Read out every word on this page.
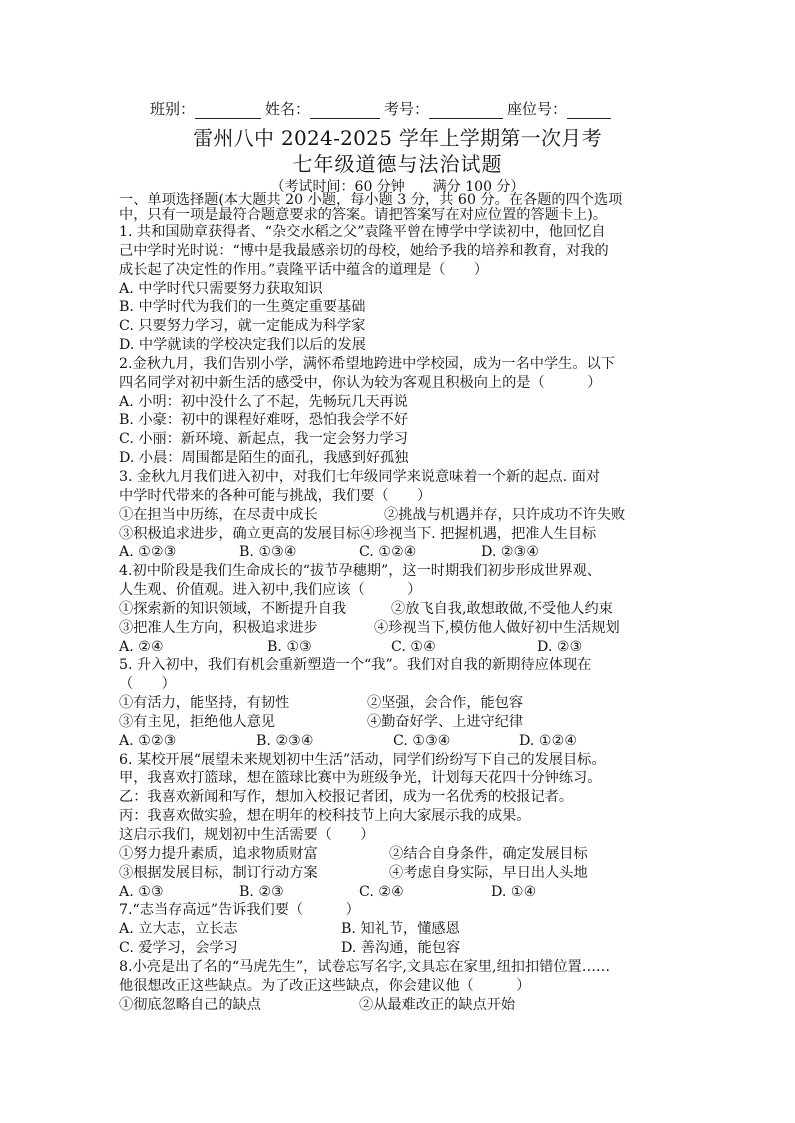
班别：	姓名：	考号：	座位号：
雷州八中 2024-2025 学年上学期第一次月考
七年级道德与法治试题
（考试时间：60 分钟　　满分 100 分）
一、单项选择题(本大题共 20 小题，每小题 3 分，共 60 分。在各题的四个选项
中，只有一项是最符合题意要求的答案。请把答案写在对应位置的答题卡上)。
1. 共和国勋章获得者、“杂交水稻之父”袁隆平曾在博学中学读初中，他回忆自
己中学时光时说：“博中是我最感亲切的母校，她给予我的培养和教育，对我的
成长起了决定性的作用。”袁隆平话中蕴含的道理是（　　）
A. 中学时代只需要努力获取知识
B. 中学时代为我们的一生奠定重要基础
C. 只要努力学习，就一定能成为科学家
D. 中学就读的学校决定我们以后的发展
2.金秋九月，我们告别小学，满怀希望地跨进中学校园，成为一名中学生。以下
四名同学对初中新生活的感受中，你认为较为客观且积极向上的是（　　　）
A. 小明：初中没什么了不起，先畅玩几天再说
B. 小豪：初中的课程好难呀，恐怕我会学不好
C. 小丽：新环境、新起点，我一定会努力学习
D. 小晨：周围都是陌生的面孔，我感到好孤独
3. 金秋九月我们进入初中，对我们七年级同学来说意味着一个新的起点. 面对
中学时代带来的各种可能与挑战，我们要（　　）
①在担当中历练，在尽责中成长	②挑战与机遇并存，只许成功不许失败
③积极追求进步，确立更高的发展目标④珍视当下. 把握机遇，把准人生目标
A. ①②③	B. ①③④	C. ①②④	D. ②③④
4.初中阶段是我们生命成长的“拔节孕穗期”，这一时期我们初步形成世界观、
人生观、价值观。进入初中,我们应该（　　　）
①探索新的知识领域，不断提升自我	②放飞自我,敢想敢做,不受他人约束
③把准人生方向，积极追求进步	④珍视当下,模仿他人做好初中生活规划
A. ②④	B. ①③	C. ①④	D. ②③
5. 升入初中，我们有机会重新塑造一个“我”。我们对自我的新期待应体现在
（　　）
①有活力，能坚持，有韧性	②坚强，会合作，能包容
③有主见，拒绝他人意见	④勤奋好学、上进守纪律
A. ①②③	B. ②③④	C. ①③④	D. ①②④
6. 某校开展“展望未来规划初中生活”活动，同学们纷纷写下自己的发展目标。
甲，我喜欢打篮球，想在篮球比赛中为班级争光，计划每天花四十分钟练习。
乙：我喜欢新闻和写作，想加入校报记者团，成为一名优秀的校报记者。
丙：我喜欢做实验，想在明年的校科技节上向大家展示我的成果。
这启示我们，规划初中生活需要（　　）
①努力提升素质，追求物质财富	②结合自身条件，确定发展目标
③根据发展目标，制订行动方案	④考虑自身实际，早日出人头地
A. ①③	B. ②③	C. ②④	D. ①④
7.“志当存高远”告诉我们要（　　　）
A. 立大志，立长志	B. 知礼节，懂感恩
C. 爱学习，会学习	D. 善沟通，能包容
8.小亮是出了名的“马虎先生”，试卷忘写名字,文具忘在家里,纽扣扣错位置……
他很想改正这些缺点。为了改正这些缺点，你会建议他（　　　）
①彻底忽略自己的缺点	②从最难改正的缺点开始
